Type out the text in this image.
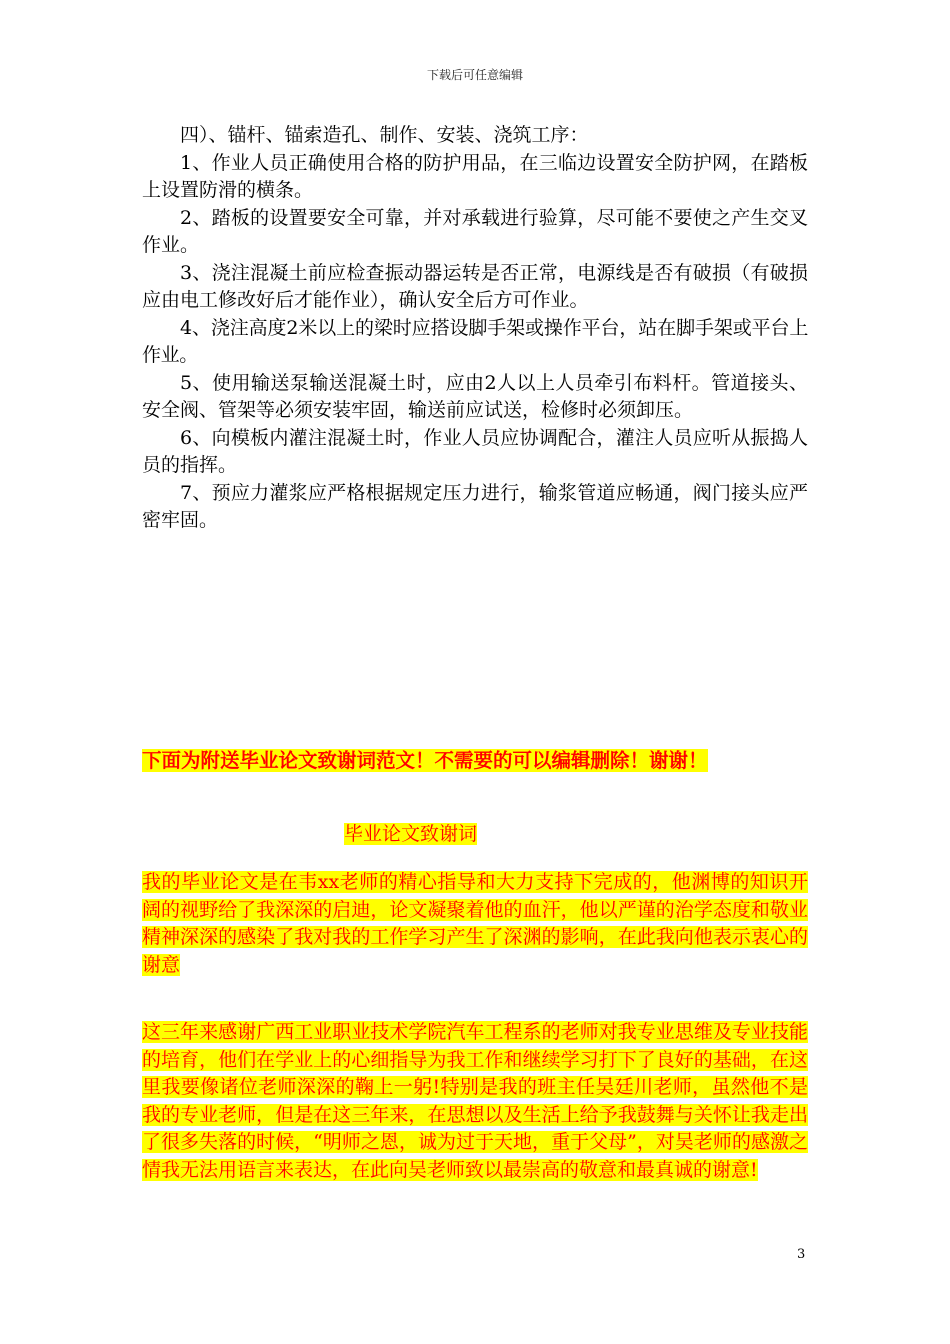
下载后可任意编辑

四）、锚杆、锚索造孔、制作、安装、浇筑工序：

1、作业人员正确使用合格的防护用品，在三临边设置安全防护网，在踏板上设置防滑的横条。

2、踏板的设置要安全可靠，并对承载进行验算，尽可能不要使之产生交叉作业。

3、浇注混凝土前应检查振动器运转是否正常，电源线是否有破损（有破损应由电工修改好后才能作业），确认安全后方可作业。

4、浇注高度2米以上的梁时应搭设脚手架或操作平台，站在脚手架或平台上作业。

5、使用输送泵输送混凝土时，应由2人以上人员牵引布料杆。管道接头、安全阀、管架等必须安装牢固，输送前应试送，检修时必须卸压。

6、向模板内灌注混凝土时，作业人员应协调配合，灌注人员应听从振捣人员的指挥。

7、预应力灌浆应严格根据规定压力进行，输浆管道应畅通，阀门接头应严密牢固。

下面为附送毕业论文致谢词范文！不需要的可以编辑删除！谢谢！
毕业论文致谢词
我的毕业论文是在韦xx老师的精心指导和大力支持下完成的，他渊博的知识开阔的视野给了我深深的启迪，论文凝聚着他的血汗，他以严谨的治学态度和敬业精神深深的感染了我对我的工作学习产生了深渊的影响，在此我向他表示衷心的谢意
这三年来感谢广西工业职业技术学院汽车工程系的老师对我专业思维及专业技能的培育，他们在学业上的心细指导为我工作和继续学习打下了良好的基础，在这里我要像诸位老师深深的鞠上一躬!特别是我的班主任吴廷川老师，虽然他不是我的专业老师，但是在这三年来，在思想以及生活上给予我鼓舞与关怀让我走出了很多失落的时候，“明师之恩，诚为过于天地，重于父母”，对吴老师的感激之情我无法用语言来表达，在此向吴老师致以最崇高的敬意和最真诚的谢意!
3
